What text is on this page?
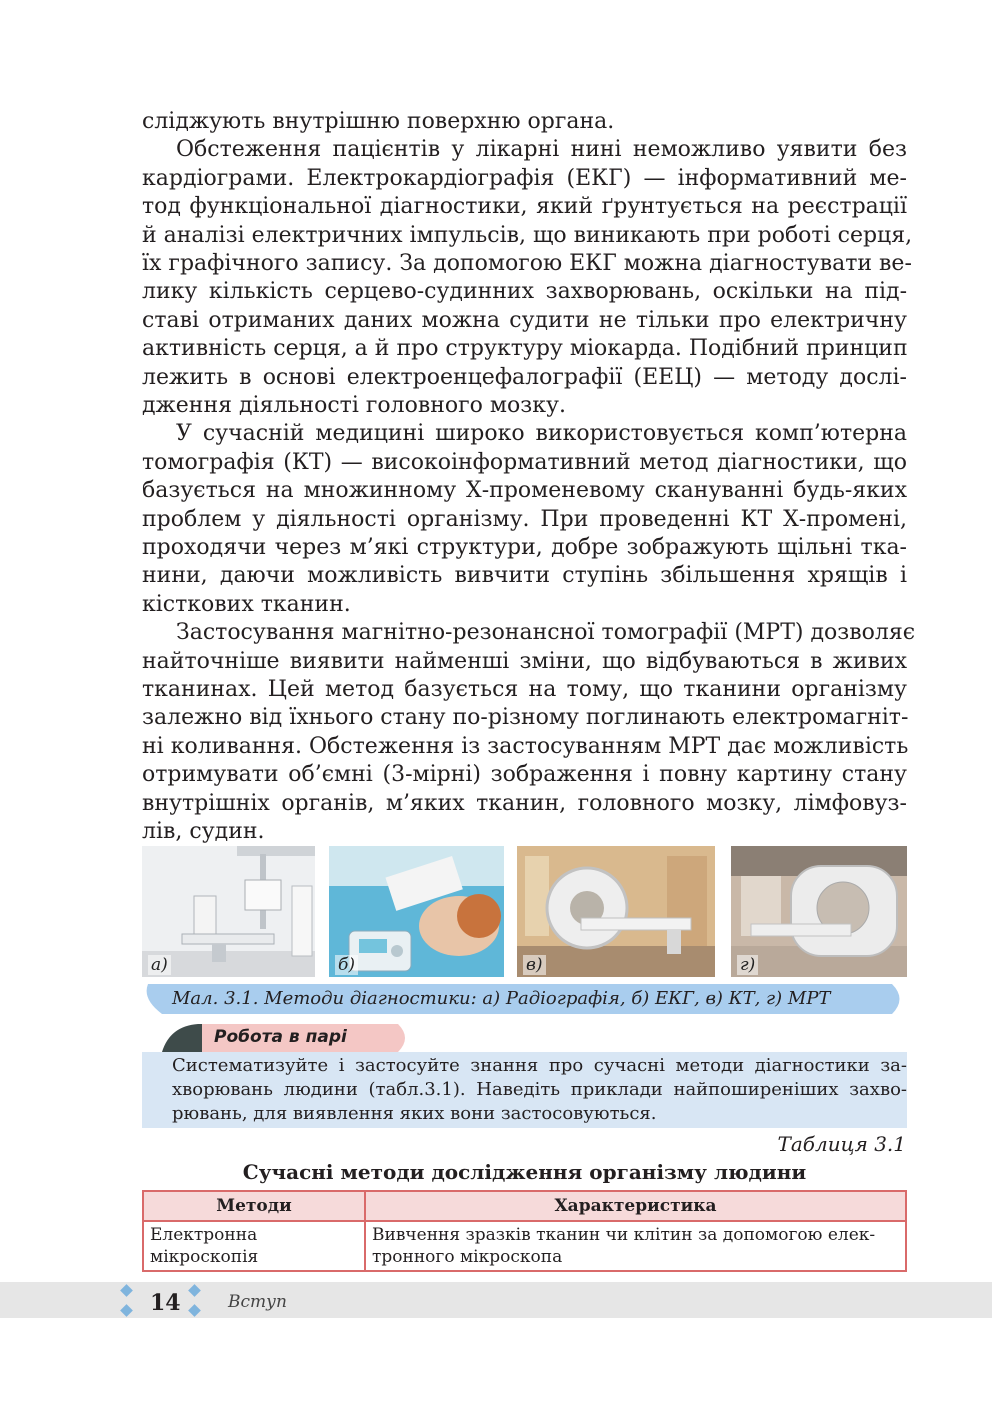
слiджують внутрiшню поверхню органа.
Обстеження пацiєнтiв у лiкарнi нинi неможливо уявити без
кардiограми. Електрокардiографiя (ЕКГ) — iнформативний ме-
тод функцiональної дiагностики, який ґрунтується на реєстрацiї
й аналiзi електричних iмпульсiв, що виникають при роботi серця,
їх графiчного запису. За допомогою ЕКГ можна дiагностувати ве-
лику кiлькiсть серцево-судинних захворювань, оскiльки на пiд-
ставi отриманих даних можна судити не тiльки про електричну
активнiсть серця, а й про структуру мiокарда. Подiбний принцип
лежить в основi електроенцефалографiї (ЕЕЦ) — методу дослi-
дження дiяльностi головного мозку.
У сучаснiй медицинi широко використовується комп’ютерна
томографiя (КТ) — високоiнформативний метод дiагностики, що
базується на множинному Х-променевому скануваннi будь-яких
проблем у дiяльностi органiзму. При проведеннi КТ Х-променi,
проходячи через м’якi структури, добре зображують щiльнi тка-
нини, даючи можливiсть вивчити ступiнь збiльшення хрящiв i
кiсткових тканин.
Застосування магнiтно-резонансної томографiї (МРТ) дозволяє
найточнiше виявити найменшi змiни, що вiдбуваються в живих
тканинах. Цей метод базується на тому, що тканини органiзму
залежно вiд їхнього стану по-рiзному поглинають електромагнiт-
нi коливання. Обстеження iз застосуванням МРТ дає можливiсть
отримувати об’ємнi (3-мiрнi) зображення i повну картину стану
внутрiшнiх органiв, м’яких тканин, головного мозку, лiмфовуз-
лiв, судин.
а)	б)	в)	г)
Мал. 3.1. Методи дiагностики: а) Радiографiя, б) ЕКГ, в) КТ, г) МРТ
Робота в парi
Систематизуйте i застосуйте знання про сучаснi методи дiагностики за-
хворювань людини (табл.3.1). Наведiть приклади найпоширенiших захво-
рювань, для виявлення яких вони застосовуються.
Таблиця 3.1
Сучаснi методи дослiдження органiзму людини
Методи	Характеристика
Електронна мiкроскопiя	Вивчення зразкiв тканин чи клiтин за допомогою елек-тронного мiкроскопа
14	Вступ
